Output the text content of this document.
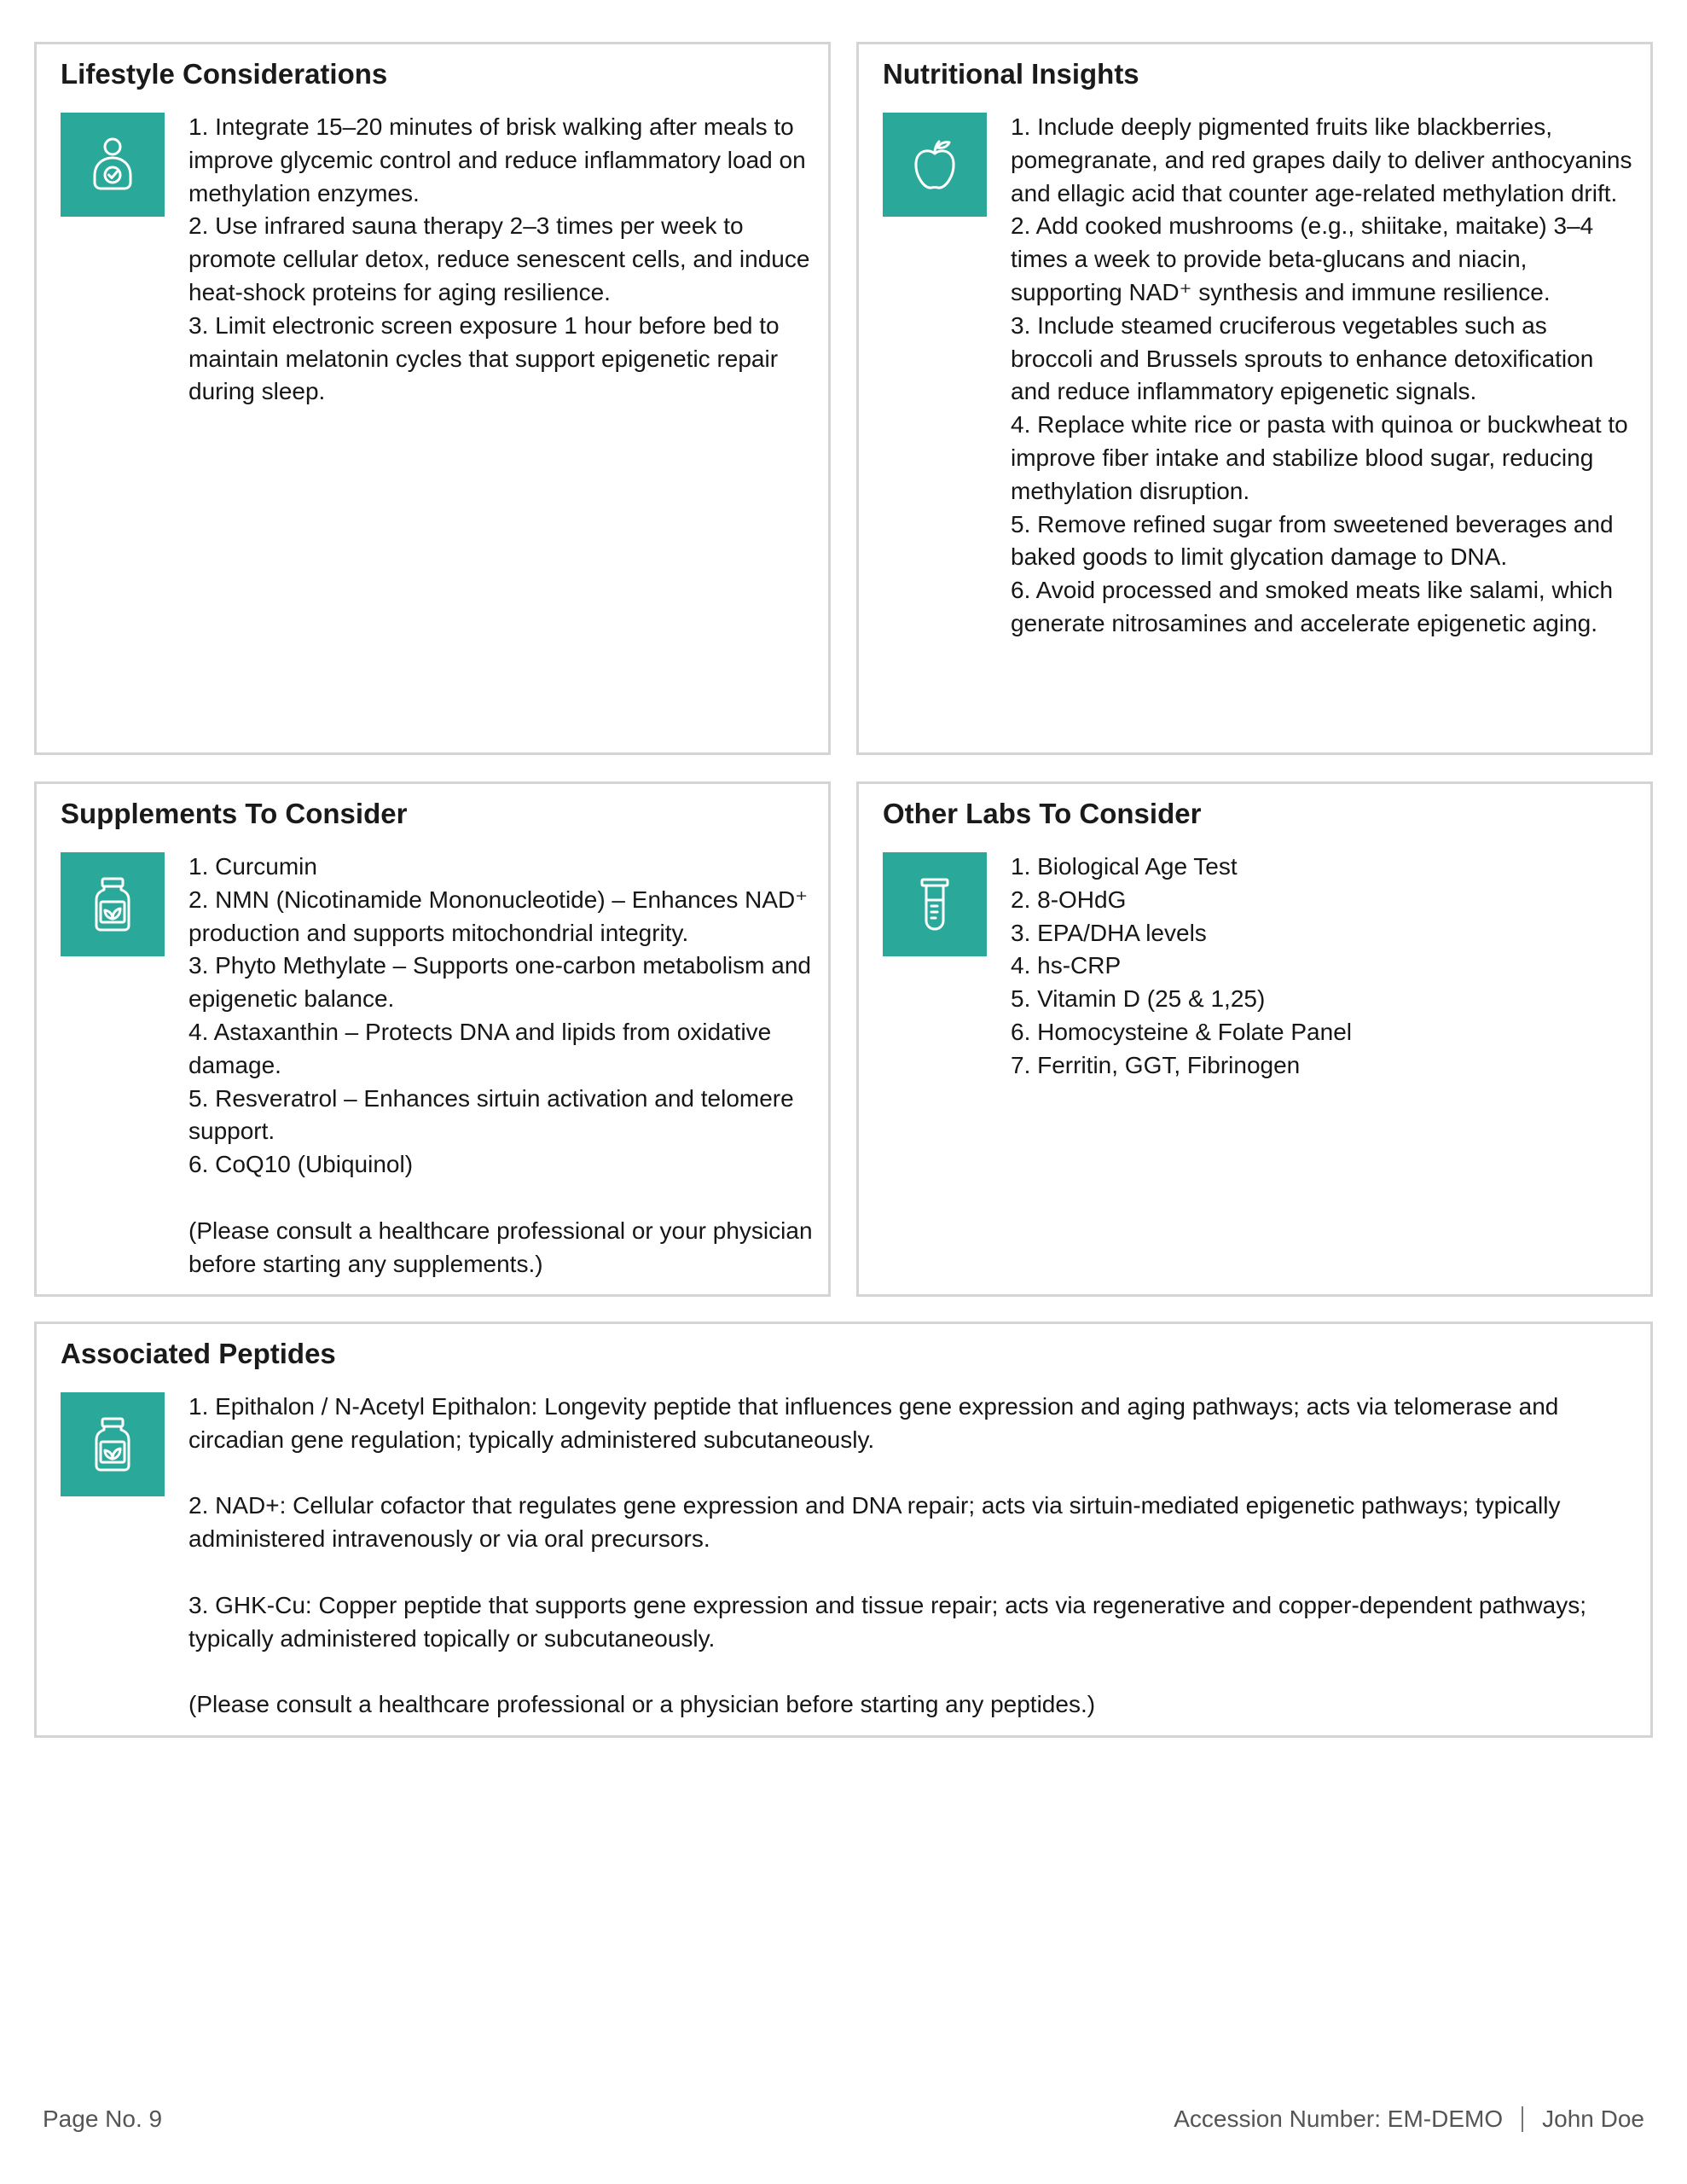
Lifestyle Considerations

1. Integrate 15–20 minutes of brisk walking after meals to improve glycemic control and reduce inflammatory load on methylation enzymes.

2. Use infrared sauna therapy 2–3 times per week to promote cellular detox, reduce senescent cells, and induce heat-shock proteins for aging resilience.

3. Limit electronic screen exposure 1 hour before bed to maintain melatonin cycles that support epigenetic repair during sleep.

Nutritional Insights

1. Include deeply pigmented fruits like blackberries, pomegranate, and red grapes daily to deliver anthocyanins and ellagic acid that counter age-related methylation drift.

2. Add cooked mushrooms (e.g., shiitake, maitake) 3–4 times a week to provide beta-glucans and niacin, supporting NAD⁺ synthesis and immune resilience.

3. Include steamed cruciferous vegetables such as broccoli and Brussels sprouts to enhance detoxification and reduce inflammatory epigenetic signals.

4. Replace white rice or pasta with quinoa or buckwheat to improve fiber intake and stabilize blood sugar, reducing methylation disruption.

5. Remove refined sugar from sweetened beverages and baked goods to limit glycation damage to DNA.

6. Avoid processed and smoked meats like salami, which generate nitrosamines and accelerate epigenetic aging.

Supplements To Consider

1. Curcumin

2. NMN (Nicotinamide Mononucleotide) – Enhances NAD⁺ production and supports mitochondrial integrity.

3. Phyto Methylate – Supports one-carbon metabolism and epigenetic balance.

4. Astaxanthin – Protects DNA and lipids from oxidative damage.

5. Resveratrol – Enhances sirtuin activation and telomere support.

6. CoQ10 (Ubiquinol)

(Please consult a healthcare professional or your physician before starting any supplements.)

Other Labs To Consider

1. Biological Age Test

2. 8-OHdG

3. EPA/DHA levels

4. hs-CRP

5. Vitamin D (25 & 1,25)

6. Homocysteine & Folate Panel

7. Ferritin, GGT, Fibrinogen

Associated Peptides

1. Epithalon / N-Acetyl Epithalon: Longevity peptide that influences gene expression and aging pathways; acts via telomerase and circadian gene regulation; typically administered subcutaneously.

2. NAD+: Cellular cofactor that regulates gene expression and DNA repair; acts via sirtuin-mediated epigenetic pathways; typically administered intravenously or via oral precursors.

3. GHK-Cu: Copper peptide that supports gene expression and tissue repair; acts via regenerative and copper-dependent pathways; typically administered topically or subcutaneously.

(Please consult a healthcare professional or a physician before starting any peptides.)

Page No. 9	Accession Number: EM-DEMO John Doe
